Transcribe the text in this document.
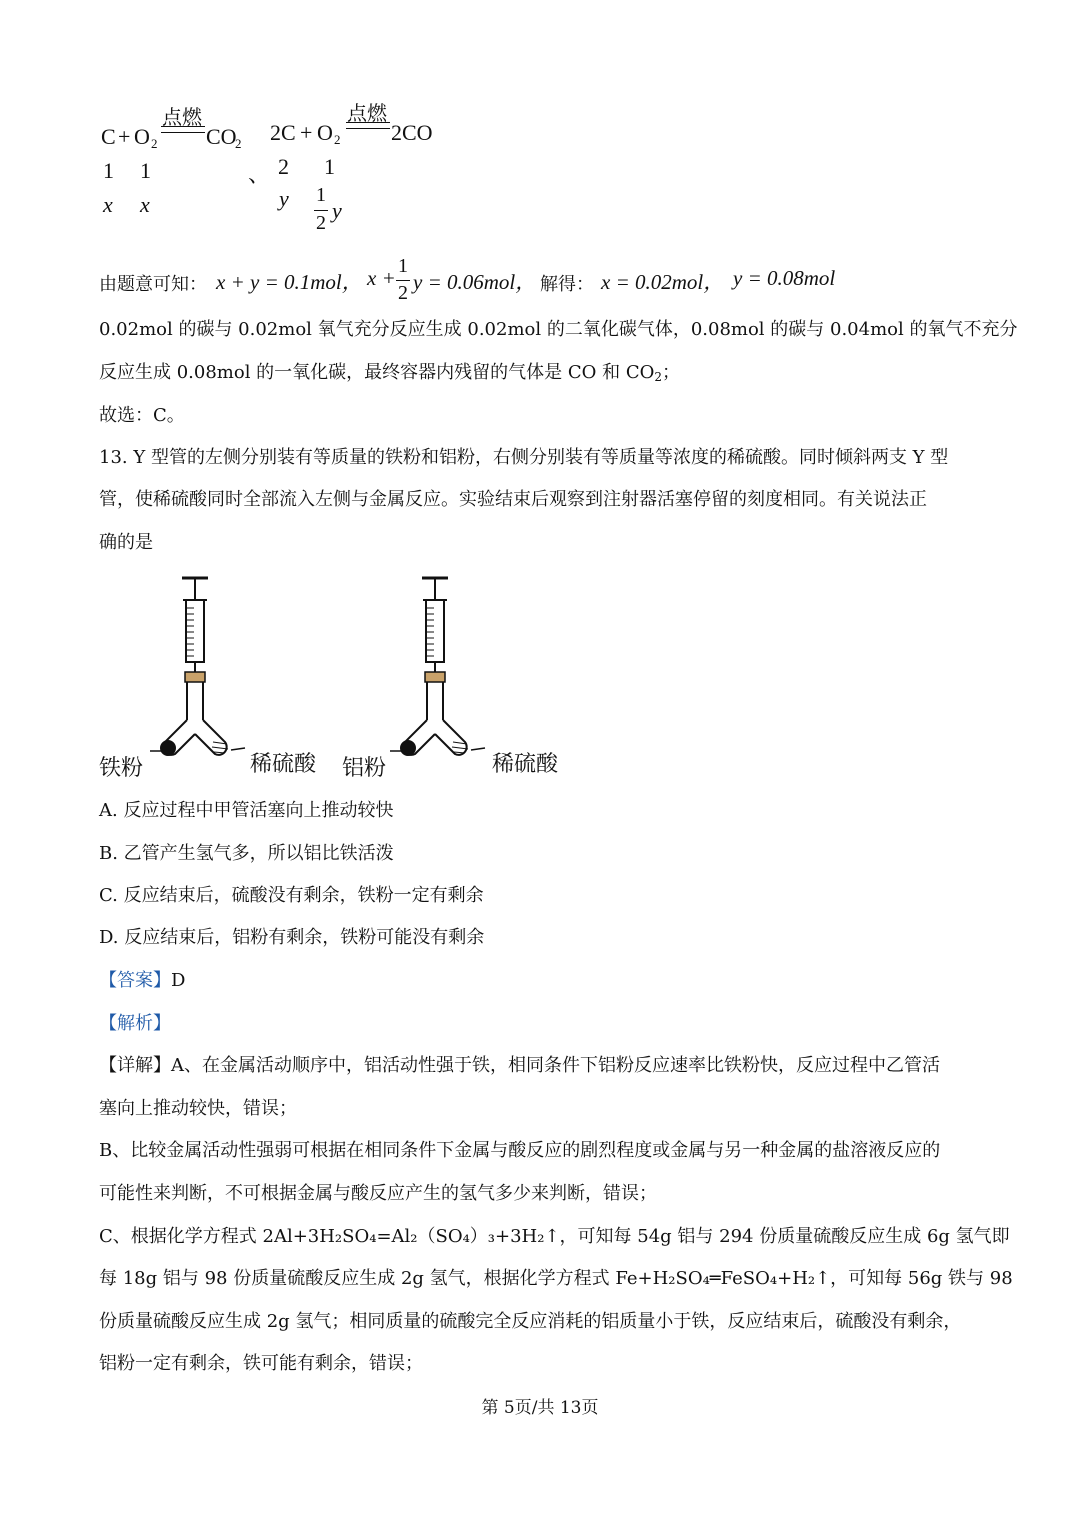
C + O 2
点燃
CO
2
1 1
x x
、
2C + O 2
点燃
2CO
2 1
y 1
2 y
由题意可知： x + y = 0.1mol， x + 1
2 y = 0.06mol， 解得： x = 0.02mol， y = 0.08mol
0.02mol 的碳与 0.02mol 氧气充分反应生成 0.02mol 的二氧化碳气体，0.08mol 的碳与 0.04mol 的氧气不充分
反应生成 0.08mol 的一氧化碳，最终容器内残留的气体是 CO 和 $CO_2$；
故选：C。
13. Y 型管的左侧分别装有等质量的铁粉和铝粉，右侧分别装有等质量等浓度的稀硫酸。同时倾斜两支 Y 型
管，使稀硫酸同时全部流入左侧与金属反应。实验结束后观察到注射器活塞停留的刻度相同。有关说法正
确的是
铁粉	稀硫酸 铝粉	稀硫酸
A. 反应过程中甲管活塞向上推动较快
B. 乙管产生氢气多，所以铝比铁活泼
C. 反应结束后，硫酸没有剩余，铁粉一定有剩余
D. 反应结束后，铝粉有剩余，铁粉可能没有剩余
【答案】D
【解析】
【详解】A、在金属活动顺序中，铝活动性强于铁，相同条件下铝粉反应速率比铁粉快，反应过程中乙管活
塞向上推动较快，错误；
B、比较金属活动性强弱可根据在相同条件下金属与酸反应的剧烈程度或金属与另一种金属的盐溶液反应的
可能性来判断，不可根据金属与酸反应产生的氢气多少来判断，错误；
C、根据化学方程式 2Al+3H₂SO₄=Al₂（SO₄）₃+3H₂↑，可知每 54g 铝与 294 份质量硫酸反应生成 6g 氢气即
每 18g 铝与 98 份质量硫酸反应生成 2g 氢气，根据化学方程式 Fe+H₂SO₄═FeSO₄+H₂↑，可知每 56g 铁与 98
份质量硫酸反应生成 2g 氢气；相同质量的硫酸完全反应消耗的铝质量小于铁，反应结束后，硫酸没有剩余，
铝粉一定有剩余，铁可能有剩余，错误；
第 5页/共 13页
